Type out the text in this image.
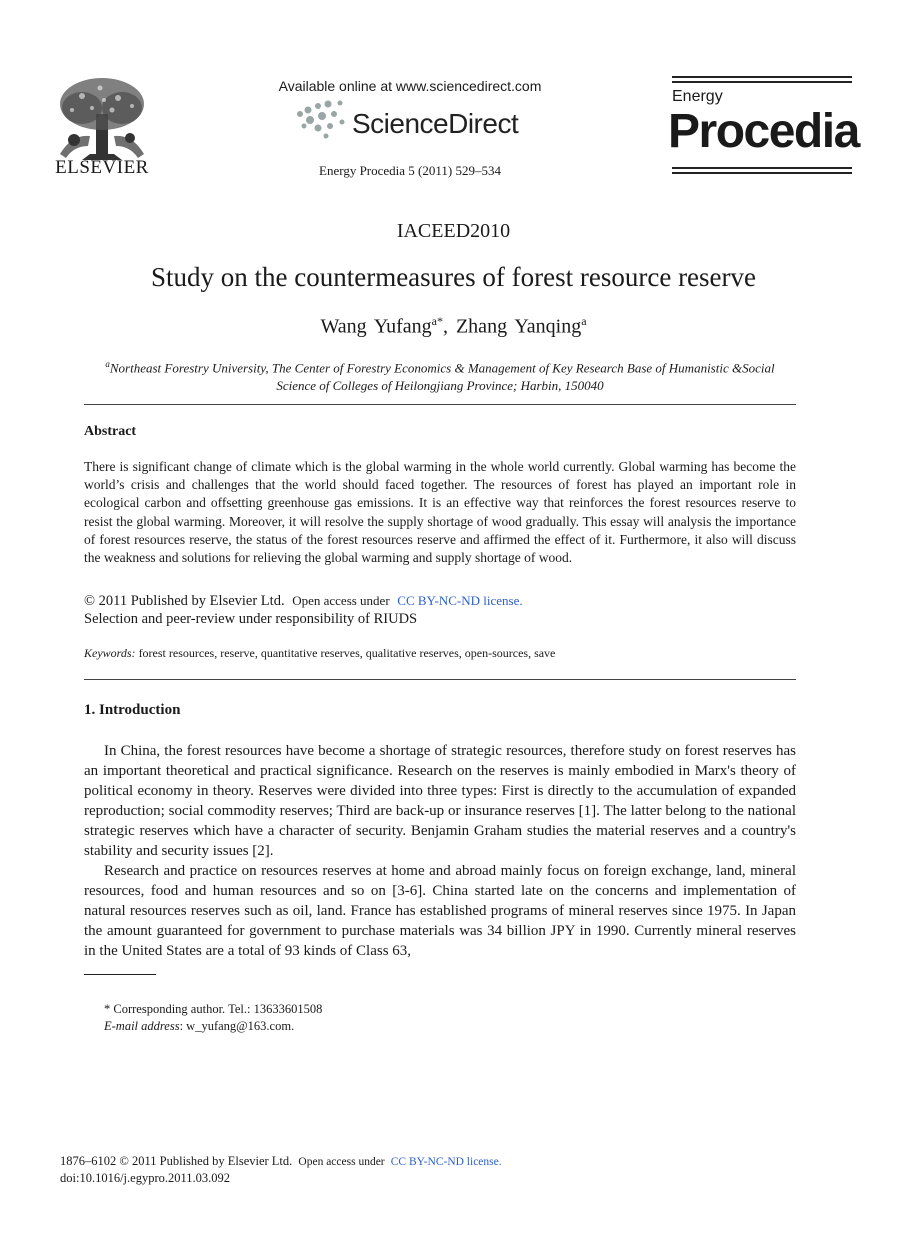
ELSEVIER
Available online at www.sciencedirect.com
ScienceDirect
Energy Procedia 5 (2011) 529–534
Energy
Procedia
IACEED2010
Study on the countermeasures of forest resource reserve
Wang Yufang$^{a*}$, Zhang Yanqing$^a$
$^a$Northeast Forestry University, The Center of Forestry Economics & Management of Key Research Base of Humanistic &Social
Science of Colleges of Heilongjiang Province; Harbin, 150040
Abstract
There is significant change of climate which is the global warming in the whole world currently. Global warming has become the world’s crisis and challenges that the world should faced together. The resources of forest has played an important role in ecological carbon and offsetting greenhouse gas emissions. It is an effective way that reinforces the forest resources reserve to resist the global warming. Moreover, it will resolve the supply shortage of wood gradually. This essay will analysis the importance of forest resources reserve, the status of the forest resources reserve and affirmed the effect of it. Furthermore, it also will discuss the weakness and solutions for relieving the global warming and supply shortage of wood.
© 2011 Published by Elsevier Ltd. Open access under CC BY-NC-ND license.
Selection and peer-review under responsibility of RIUDS
Keywords: forest resources, reserve, quantitative reserves, qualitative reserves, open-sources, save
1. Introduction

In China, the forest resources have become a shortage of strategic resources, therefore study on forest reserves has an important theoretical and practical significance. Research on the reserves is mainly embodied in Marx's theory of political economy in theory. Reserves were divided into three types: First is directly to the accumulation of expanded reproduction; social commodity reserves; Third are back-up or insurance reserves [1]. The latter belong to the national strategic reserves which have a character of security. Benjamin Graham studies the material reserves and a country's stability and security issues [2].

Research and practice on resources reserves at home and abroad mainly focus on foreign exchange, land, mineral resources, food and human resources and so on [3-6]. China started late on the concerns and implementation of natural resources reserves such as oil, land. France has established programs of mineral reserves since 1975. In Japan the amount guaranteed for government to purchase materials was 34 billion JPY in 1990. Currently mineral reserves in the United States are a total of 93 kinds of Class 63,

* Corresponding author. Tel.: 13633601508
E-mail address: w_yufang@163.com.
1876–6102 © 2011 Published by Elsevier Ltd. Open access under CC BY-NC-ND license.
doi:10.1016/j.egypro.2011.03.092
